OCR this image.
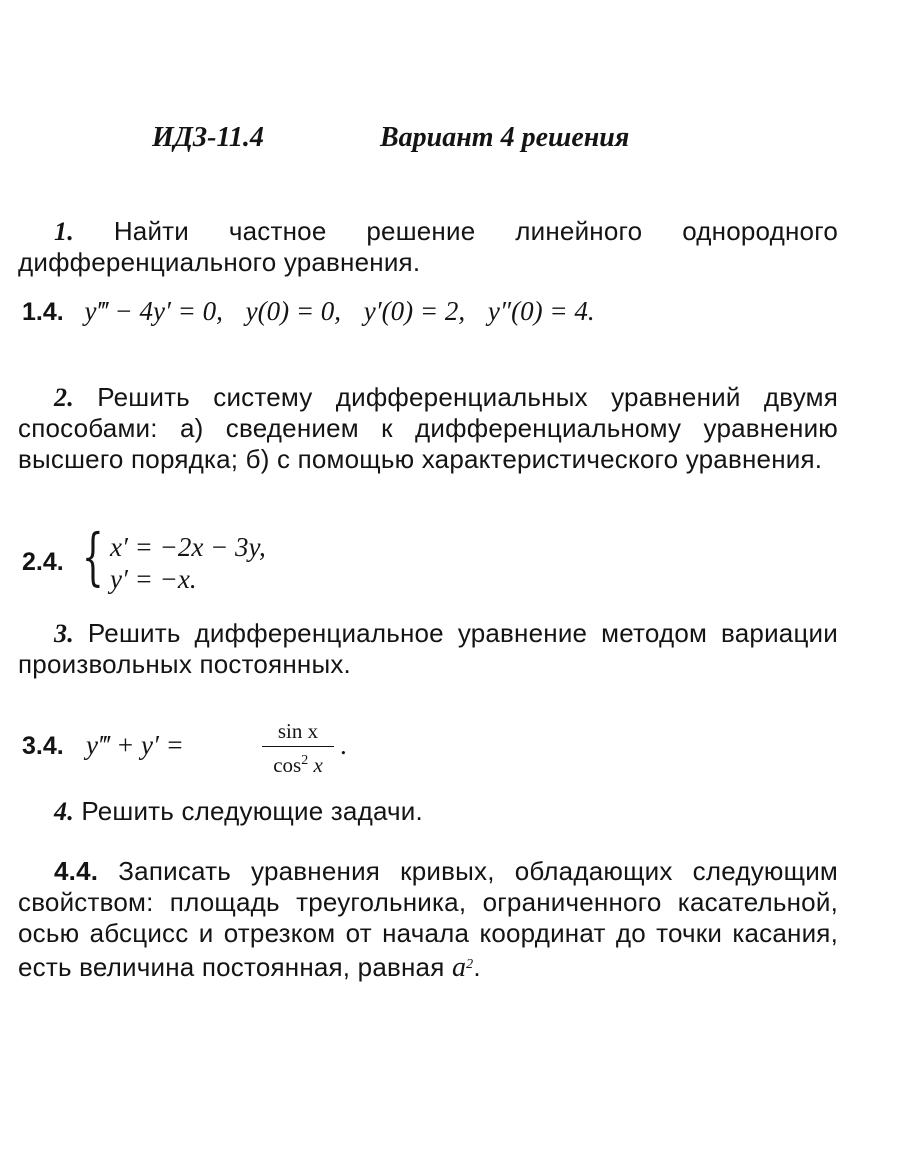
ИДЗ-11.4	Вариант 4 решения
1. Найти частное решение линейного однородного дифференциального уравнения.
1.4. y‴ − 4y′ = 0, y(0) = 0, y′(0) = 2, y″(0) = 4.
2. Решить систему дифференциальных уравнений двумя способами: а) сведением к дифференциальному уравнению высшего порядка; б) с помощью характеристического уравнения.
2.4. { x′ = −2x − 3y,
y′ = −x.
3. Решить дифференциальное уравнение методом вариации произвольных постоянных.
3.4. y‴ + y′ =	sin x
$\cos^2 x$
.
4. Решить следующие задачи.
4.4. Записать уравнения кривых, обладающих следующим свойством: площадь треугольника, ограниченного касательной, осью абсцисс и отрезком от начала координат до точки касания, есть величина постоянная, равная $a^2$.
